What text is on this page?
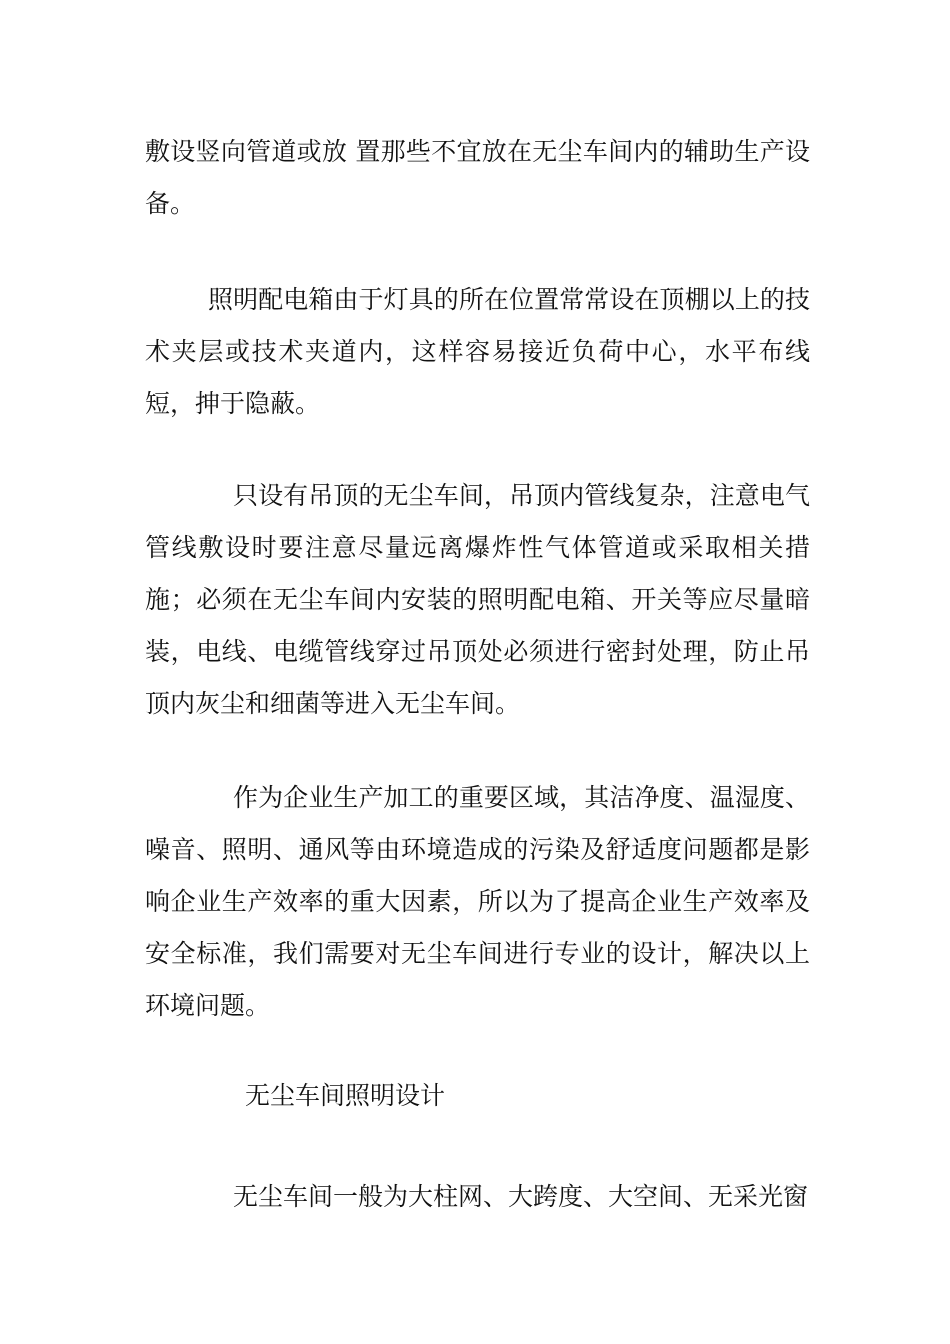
敷设竖向管道或放 置那些不宜放在无尘车间内的辅助生产设备。

照明配电箱由于灯具的所在位置常常设在顶棚以上的技术夹层或技术夹道内，这样容易接近负荷中心，水平布线短，抻于隐蔽。

只设有吊顶的无尘车间，吊顶内管线复杂，注意电气管线敷设时要注意尽量远离爆炸性气体管道或采取相关措施；必须在无尘车间内安装的照明配电箱、开关等应尽量暗装，电线、电缆管线穿过吊顶处必须进行密封处理，防止吊顶内灰尘和细菌等进入无尘车间。

作为企业生产加工的重要区域，其洁净度、温湿度、噪音、照明、通风等由环境造成的污染及舒适度问题都是影响企业生产效率的重大因素，所以为了提高企业生产效率及安全标准，我们需要对无尘车间进行专业的设计，解决以上环境问题。

无尘车间照明设计

无尘车间一般为大柱网、大跨度、大空间、无采光窗
